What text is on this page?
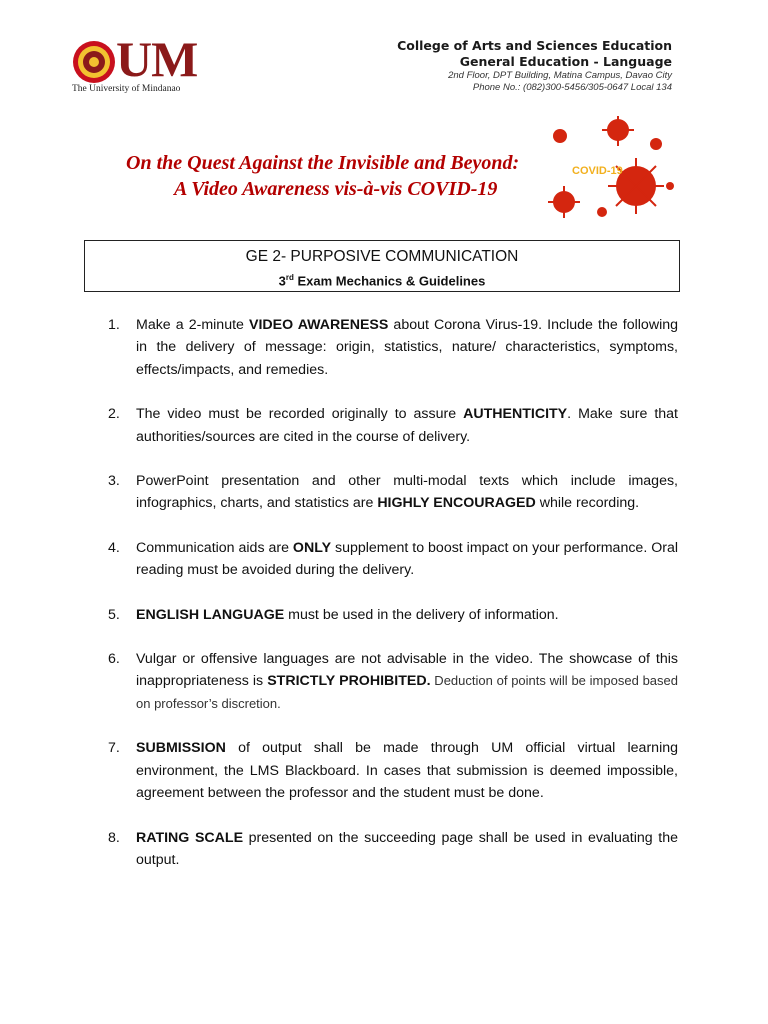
UM
The University of Mindanao
College of Arts and Sciences Education
General Education - Language
2nd Floor, DPT Building, Matina Campus, Davao City
Phone No.: (082)300-5456/305-0647 Local 134
On the Quest Against the Invisible and Beyond:
A Video Awareness vis-à-vis COVID-19
COVID-19
GE 2- PURPOSIVE COMMUNICATION
3rd Exam Mechanics & Guidelines
1. Make a 2-minute VIDEO AWARENESS about Corona Virus-19. Include the following in the delivery of message: origin, statistics, nature/ characteristics, symptoms, effects/impacts, and remedies.
2. The video must be recorded originally to assure AUTHENTICITY. Make sure that authorities/sources are cited in the course of delivery.
3. PowerPoint presentation and other multi-modal texts which include images, infographics, charts, and statistics are HIGHLY ENCOURAGED while recording.
4. Communication aids are ONLY supplement to boost impact on your performance. Oral reading must be avoided during the delivery.
5. ENGLISH LANGUAGE must be used in the delivery of information.
6. Vulgar or offensive languages are not advisable in the video. The showcase of this inappropriateness is STRICTLY PROHIBITED. Deduction of points will be imposed based on professor’s discretion.
7. SUBMISSION of output shall be made through UM official virtual learning environment, the LMS Blackboard. In cases that submission is deemed impossible, agreement between the professor and the student must be done.
8. RATING SCALE presented on the succeeding page shall be used in evaluating the output.
